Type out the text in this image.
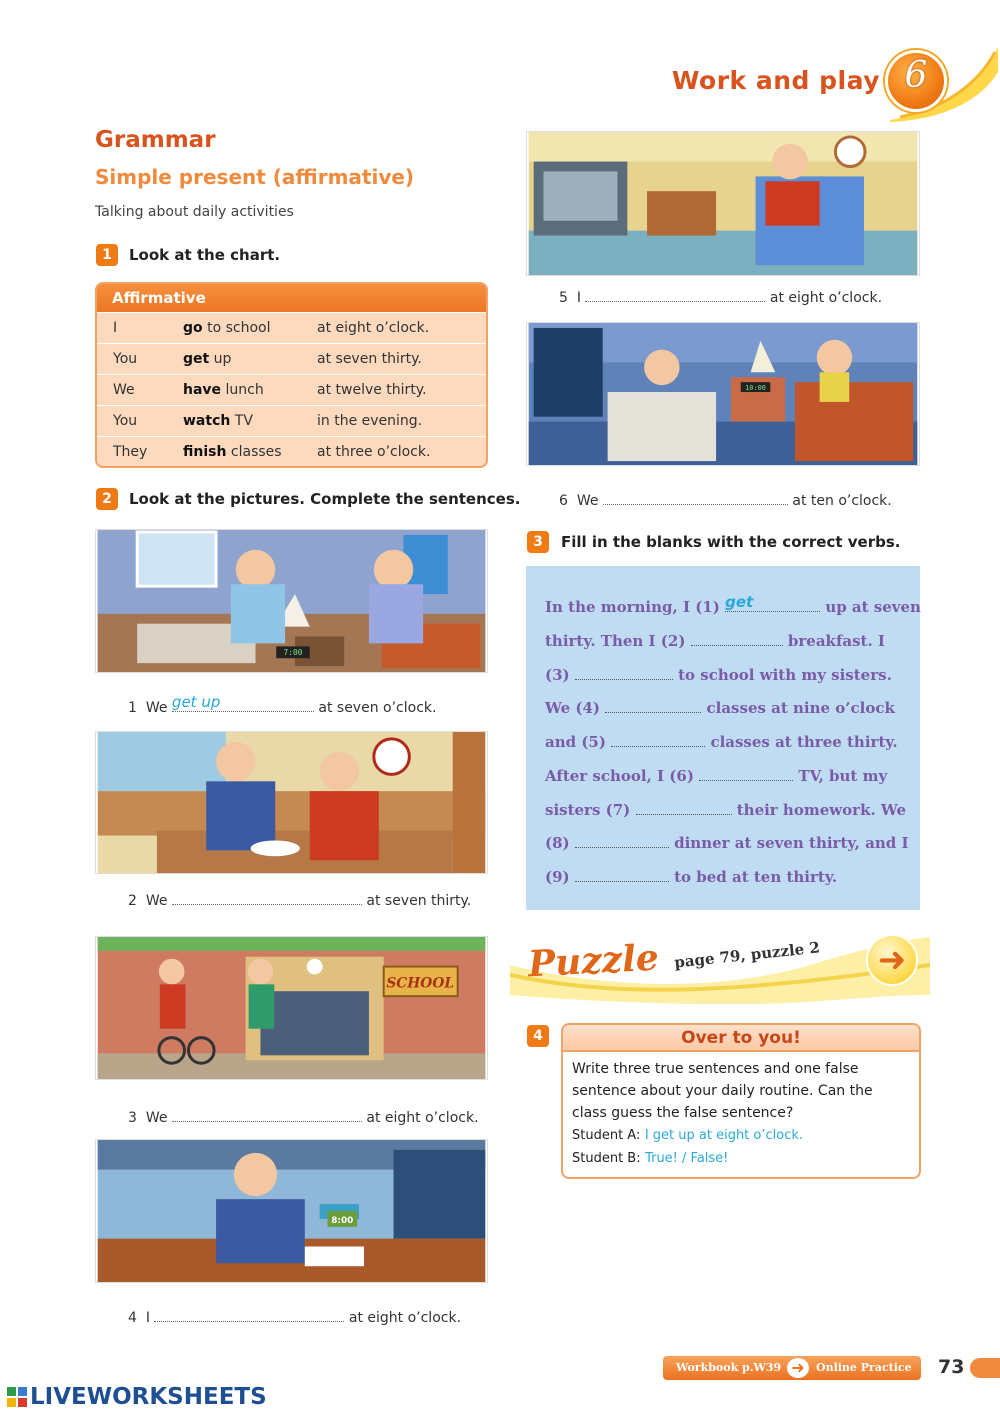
Work and play 6
Grammar
Simple present (affirmative)
Talking about daily activities
1	Look at the chart.
Affirmative
I	go to school	at eight o’clock.
You	get up	at seven thirty.
We	have lunch	at twelve thirty.
You	watch TV	in the evening.
They	finish classes	at three o’clock.
2	Look at the pictures. Complete the sentences.
7:00
1 We get up	at seven o’clock.
2 We	at seven thirty.
SCHOOL
3 We	at eight o’clock.
8:00
4 I	at eight o’clock.
5 I	at eight o’clock.
10:00
6 We	at ten o’clock.
3	Fill in the blanks with the correct verbs.
In the morning, I (1) get	up at seven
thirty. Then I (2)	breakfast. I
(3)	to school with my sisters.
We (4)	classes at nine o’clock
and (5)	classes at three thirty.
After school, I (6)	TV, but my
sisters (7)	their homework. We
(8)	dinner at seven thirty, and I
(9)	to bed at ten thirty.
Puzzle page 79, puzzle 2	➜
4	Over to you!
Write three true sentences and one false sentence about your daily routine. Can the class guess the false sentence?
Student A: I get up at eight o’clock.
Student B: True! / False!
Workbook p.W39 ➜	Online Practice 73
LIVEWORKSHEETS
